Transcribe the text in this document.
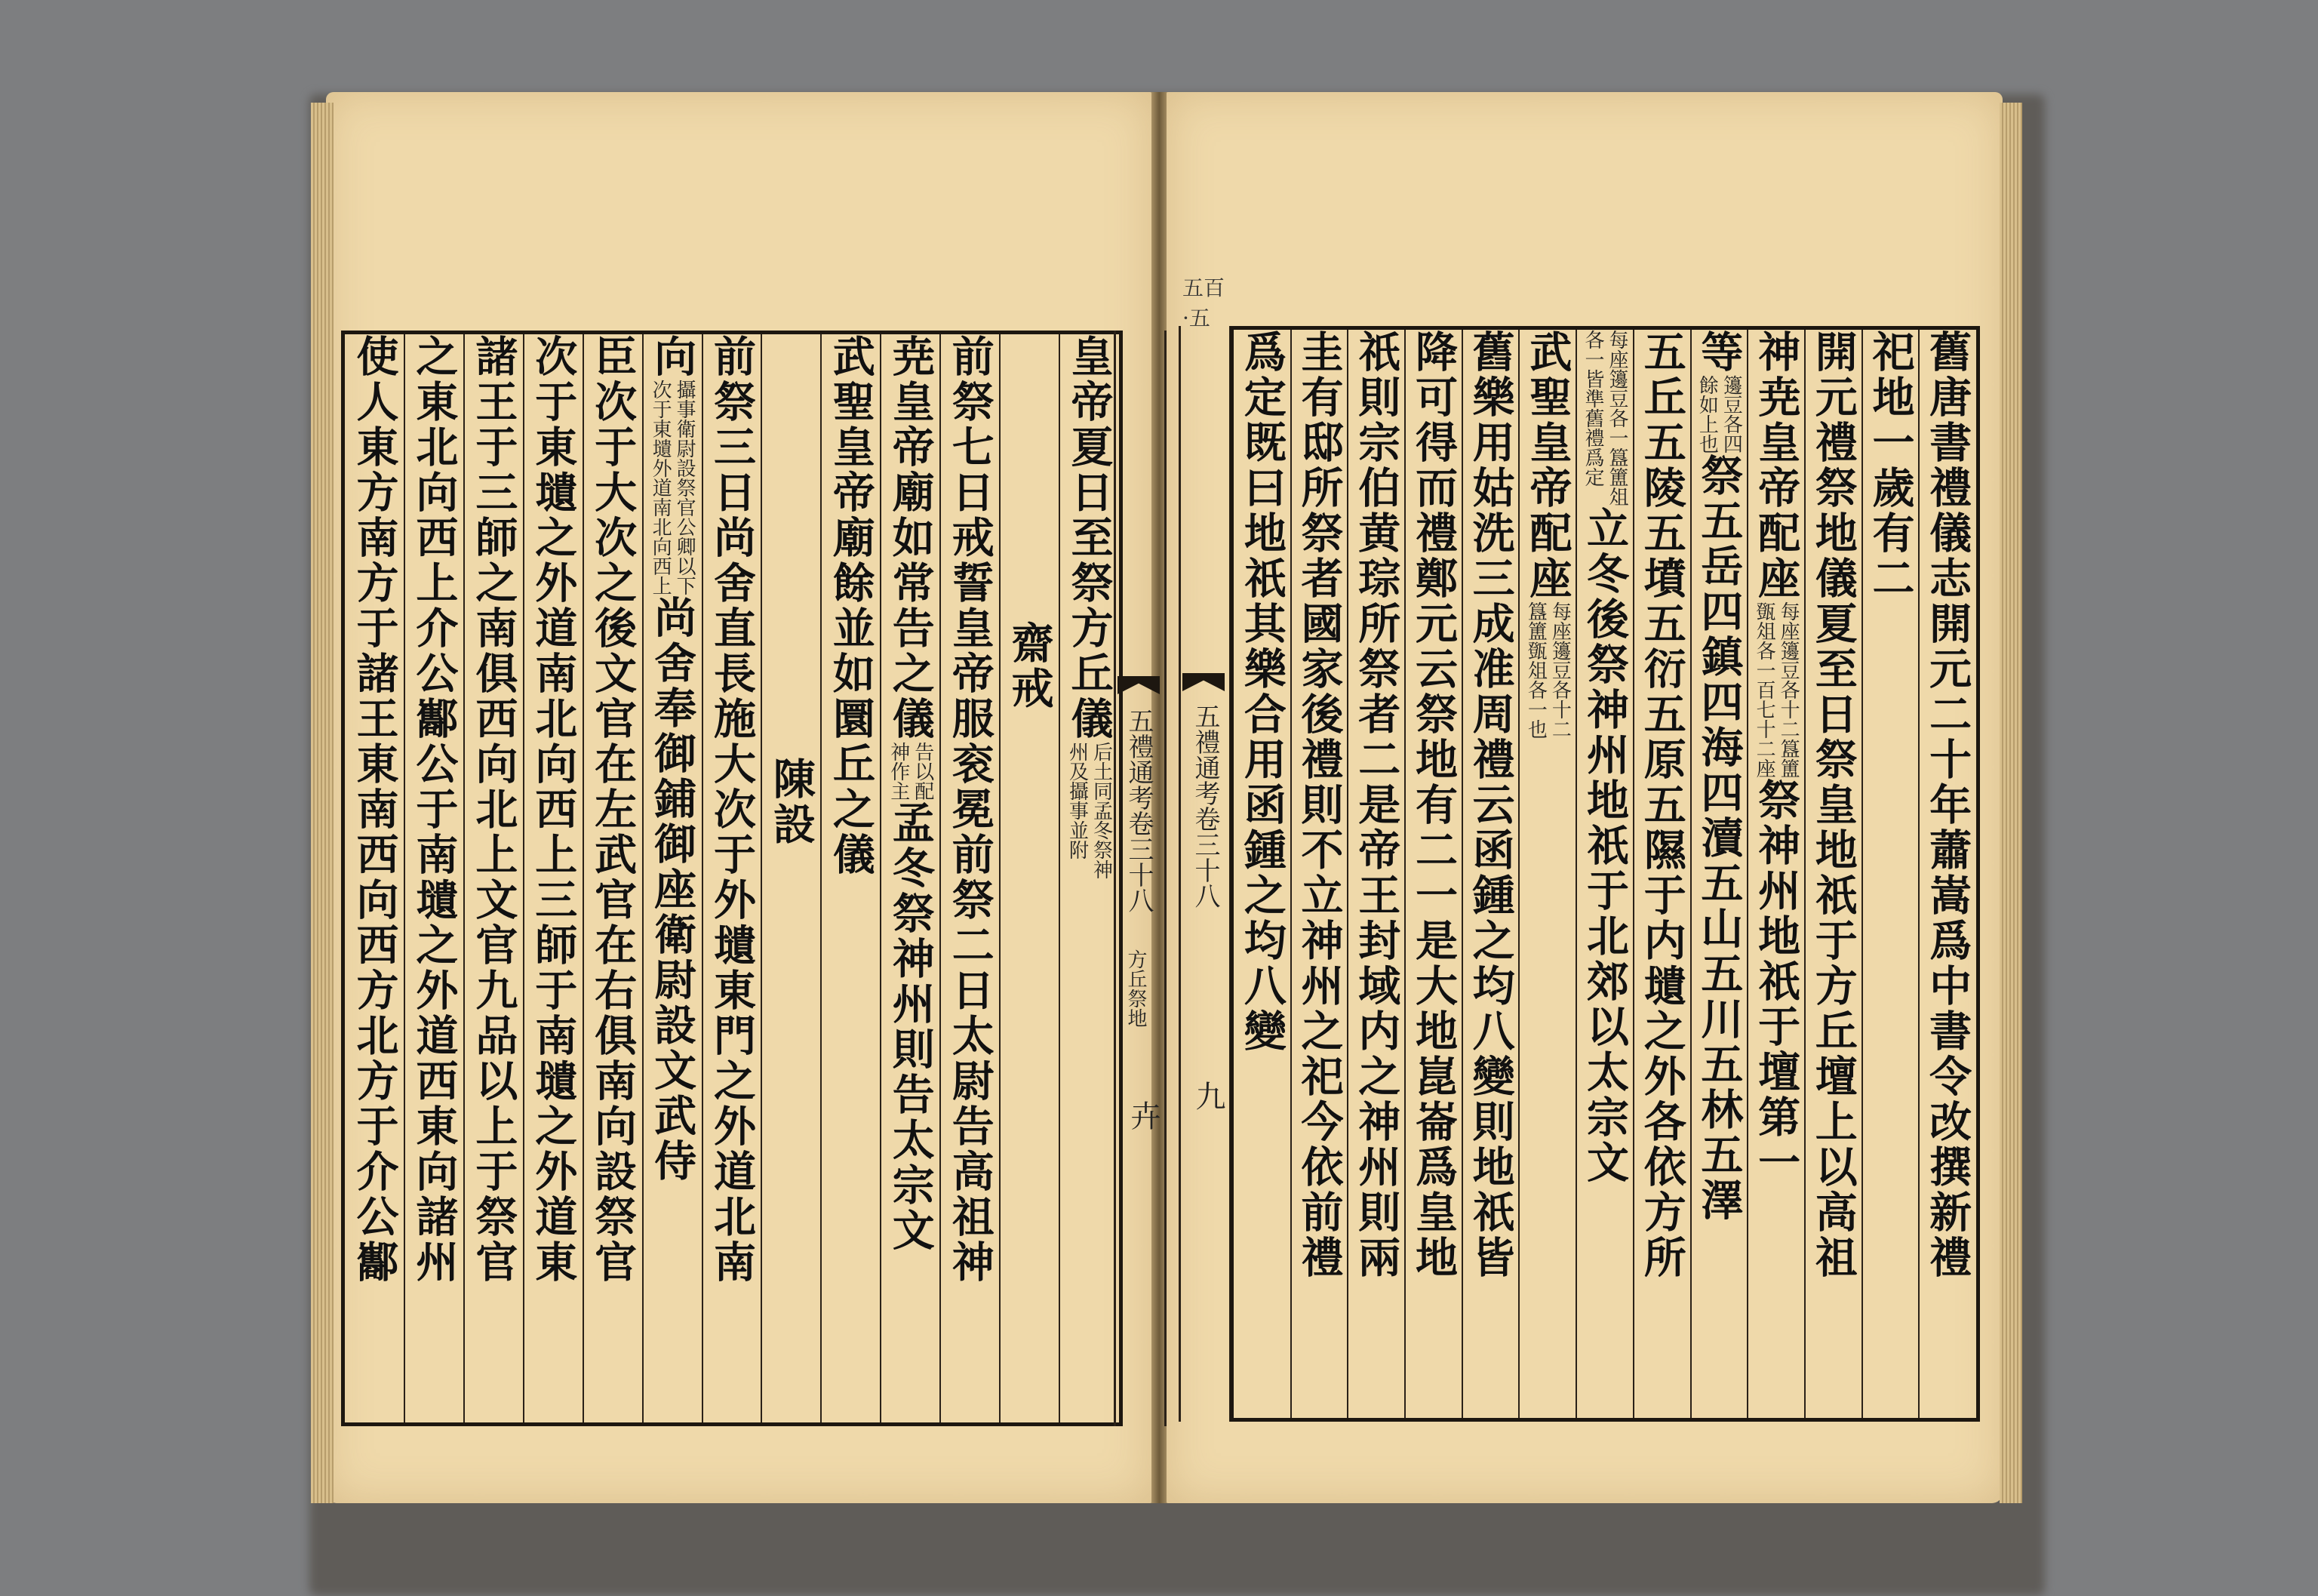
皇帝夏日至祭方丘儀
后土同孟冬祭神
州及攝事並附
齋戒
前祭七日戒誓皇帝服衮冕前祭二日太尉告高祖神
尭皇帝廟如常告之儀
告以配
神作主
孟冬祭神州則告太宗文
武聖皇帝廟餘並如圜丘之儀
陳設
前祭三日尚舍直長施大次于外壝東門之外道北南
向
攝事衛尉設祭官公卿以下
次于東壝外道南北向西上
尚舍奉御鋪御座衛尉設文武侍
臣次于大次之後文官在左武官在右俱南向設祭官
次于東壝之外道南北向西上三師于南壝之外道東
諸王于三師之南俱西向北上文官九品以上于祭官
之東北向西上介公酅公于南壝之外道西東向諸州
使人東方南方于諸王東南西向西方北方于介公酅	五禮通考卷三十八
方丘祭地
卉
五百·五
五禮通考卷三十八
九	舊唐書禮儀志開元二十年蕭嵩爲中書令改撰新禮
祀地一歲有二
開元禮祭地儀夏至日祭皇地祇于方丘壇上以高祖
神尭皇帝配座
每座籩豆各十二簋簠
㽅俎各一百七十二座
祭神州地祇于壇第一
等
籩豆各四
餘如上也
祭五岳四鎮四海四瀆五山五川五林五澤
五丘五陵五墳五衍五原五隰于内壝之外各依方所
每座籩豆各一簋簠俎
各一皆準舊禮爲定
立冬後祭神州地祇于北郊以太宗文
武聖皇帝配座
每座籩豆各十二
簋簠㽅俎各一也
舊樂用姑洗三成准周禮云函鍾之均八變則地祇皆
降可得而禮鄭元云祭地有二一是大地崑崙爲皇地
祇則宗伯黄琮所祭者二是帝王封域内之神州則兩
圭有邸所祭者國家後禮則不立神州之祀今依前禮
爲定既曰地祇其樂合用函鍾之均八變
